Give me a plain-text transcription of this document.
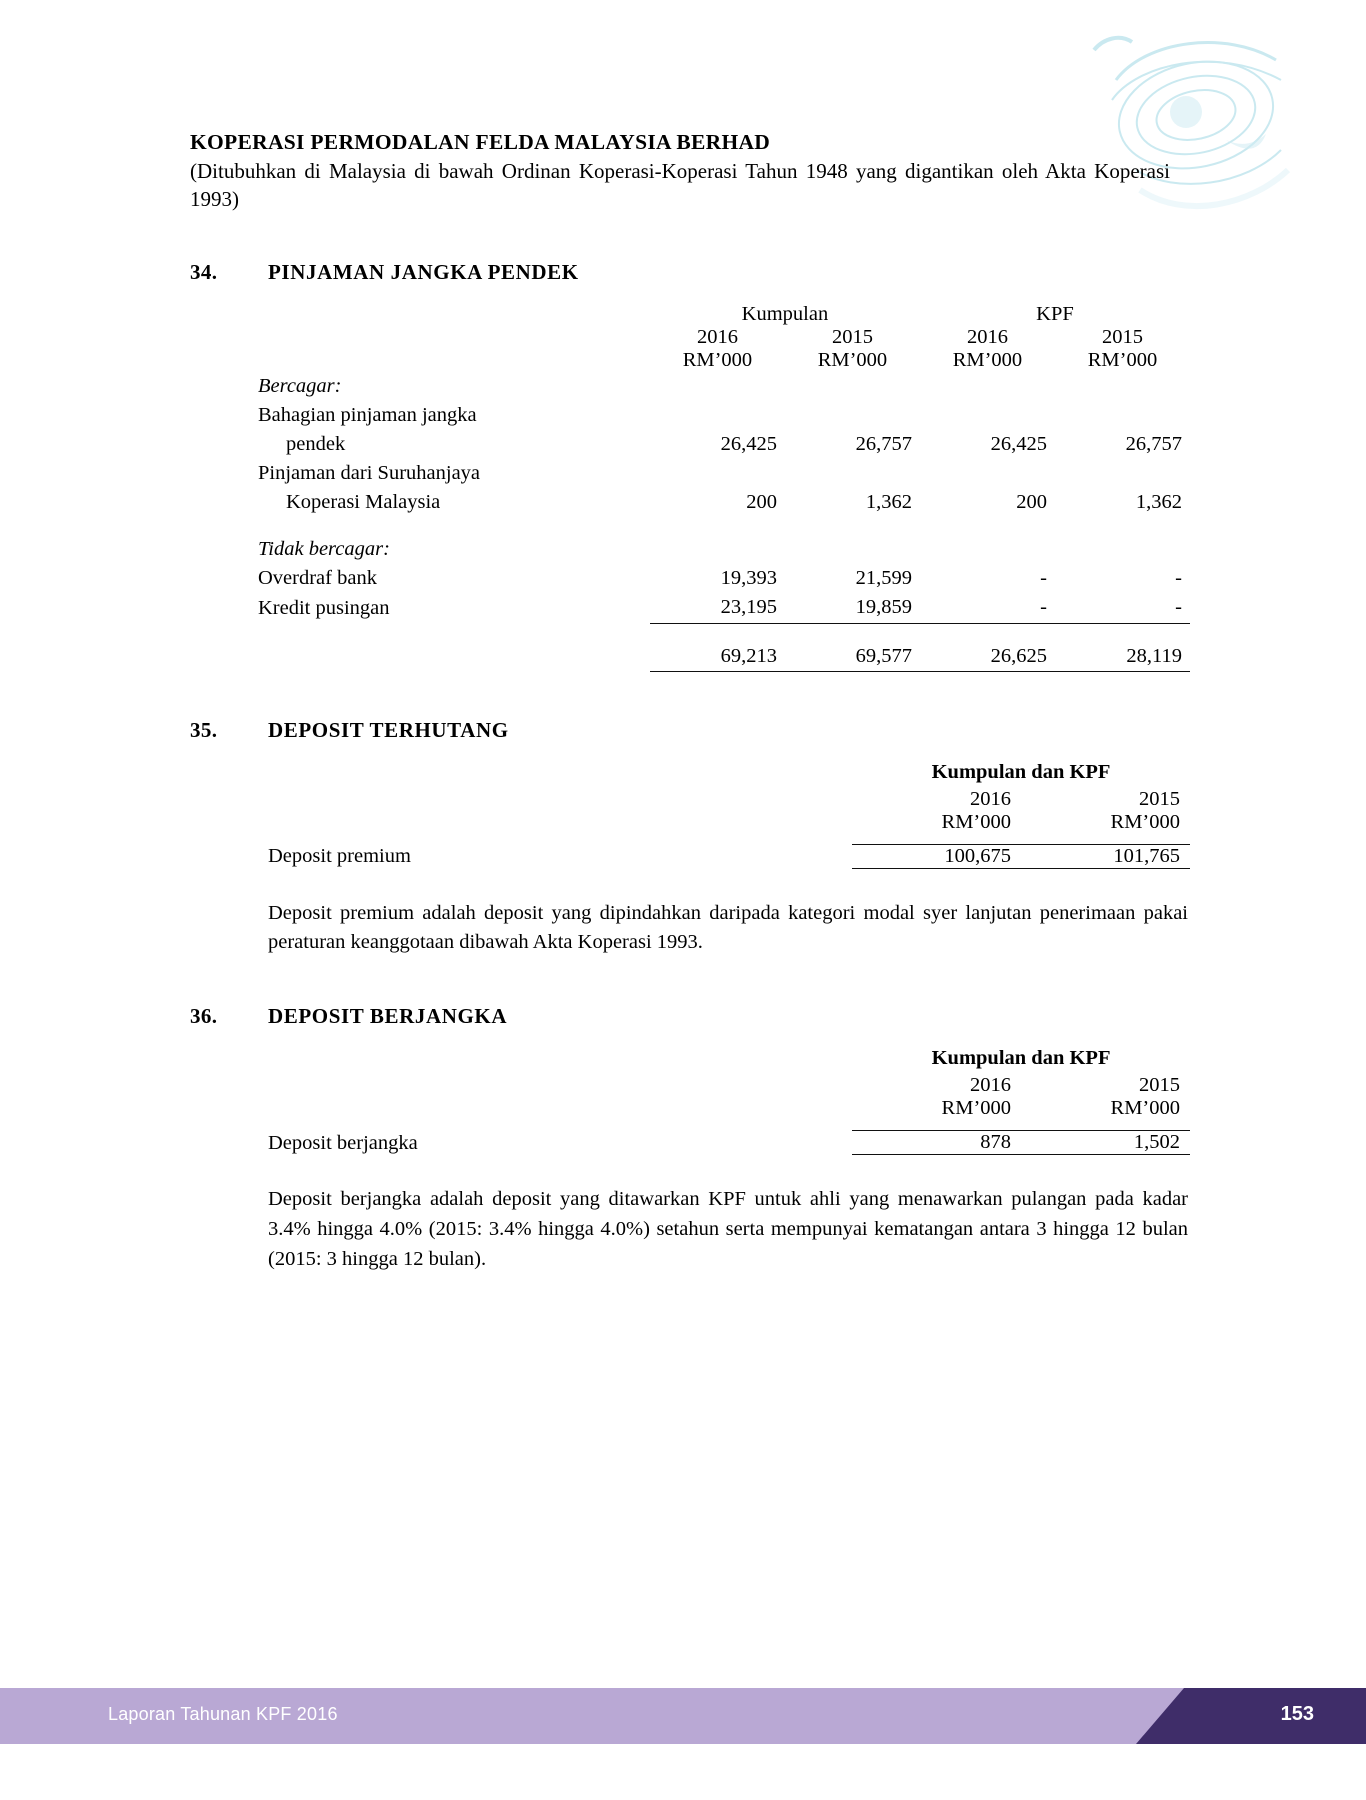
KOPERASI PERMODALAN FELDA MALAYSIA BERHAD
(Ditubuhkan di Malaysia di bawah Ordinan Koperasi-Koperasi Tahun 1948 yang digantikan oleh Akta Koperasi 1993)
34.	PINJAMAN JANGKA PENDEK
	Kumpulan		KPF	
	2016	2015	2016	2015
	RM’000	RM’000	RM’000	RM’000
Bercagar:				
Bahagian pinjaman jangka				
pendek	26,425	26,757	26,425	26,757
Pinjaman dari Suruhanjaya				
Koperasi Malaysia	200	1,362	200	1,362

Tidak bercagar:				
Overdraf bank	19,393	21,599	-	-
Kredit pusingan	23,195	19,859	-	-

	69,213	69,577	26,625	28,119
35.	DEPOSIT TERHUTANG
	Kumpulan dan KPF	
	2016	2015
	RM’000	RM’000

Deposit premium	100,675	101,765
Deposit premium adalah deposit yang dipindahkan daripada kategori modal syer lanjutan penerimaan pakai peraturan keanggotaan dibawah Akta Koperasi 1993.
36.	DEPOSIT BERJANGKA
	Kumpulan dan KPF	
	2016	2015
	RM’000	RM’000

Deposit berjangka	878	1,502
Deposit berjangka adalah deposit yang ditawarkan KPF untuk ahli yang menawarkan pulangan pada kadar 3.4% hingga 4.0% (2015: 3.4% hingga 4.0%) setahun serta mempunyai kematangan antara 3 hingga 12 bulan (2015: 3 hingga 12 bulan).
Laporan Tahunan KPF 2016	153
